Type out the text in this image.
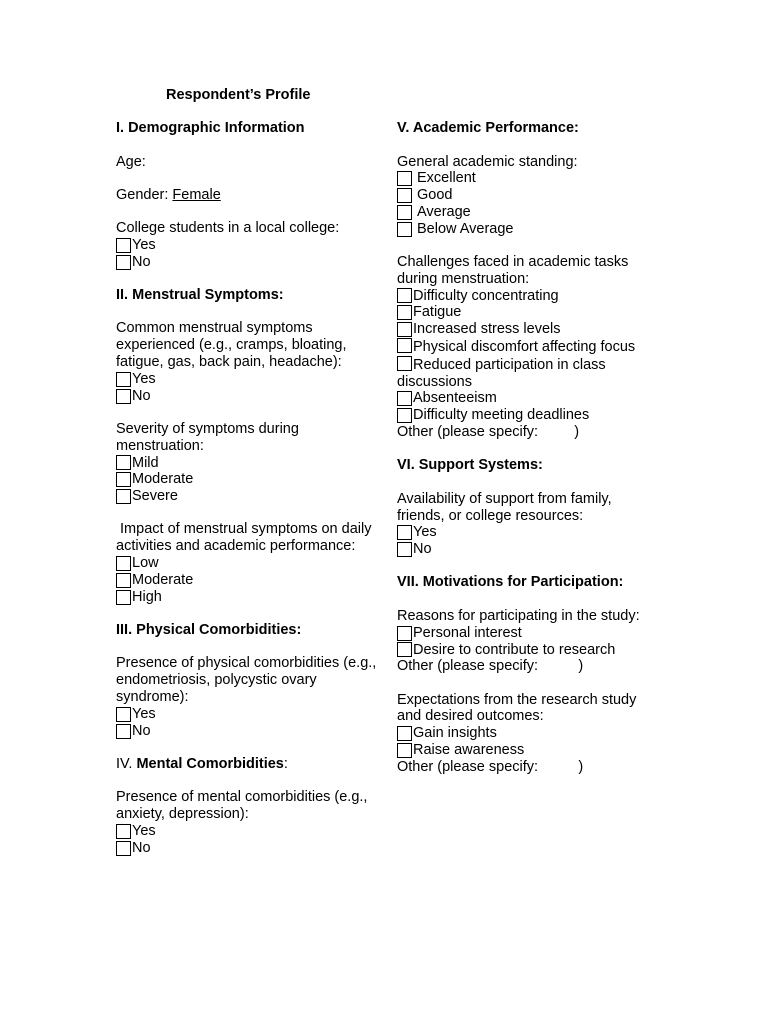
Respondent’s Profile

I. Demographic Information

Age:

Gender: Female

College students in a local college:

Yes
No

II. Menstrual Symptoms:

Common menstrual symptoms experienced (e.g., cramps, bloating, fatigue, gas, back pain, headache):

Yes
No

Severity of symptoms during menstruation:

Mild
Moderate
Severe

Impact of menstrual symptoms on daily activities and academic performance:

Low
Moderate
High

III. Physical Comorbidities:

Presence of physical comorbidities (e.g., endometriosis, polycystic ovary syndrome):

Yes
No

IV. Mental Comorbidities:

Presence of mental comorbidities (e.g., anxiety, depression):

Yes
No

V. Academic Performance:

General academic standing:

Excellent
Good
Average
Below Average

Challenges faced in academic tasks during menstruation:

Difficulty concentrating
Fatigue
Increased stress levels
Physical discomfort affecting focus
Reduced participation in class discussions
Absenteeism
Difficulty meeting deadlines
Other (please specify:         )

VI. Support Systems:

Availability of support from family, friends, or college resources:

Yes
No

VII. Motivations for Participation:

Reasons for participating in the study:

Personal interest
Desire to contribute to research
Other (please specify:          )

Expectations from the research study and desired outcomes:

Gain insights
Raise awareness
Other (please specify:          )
